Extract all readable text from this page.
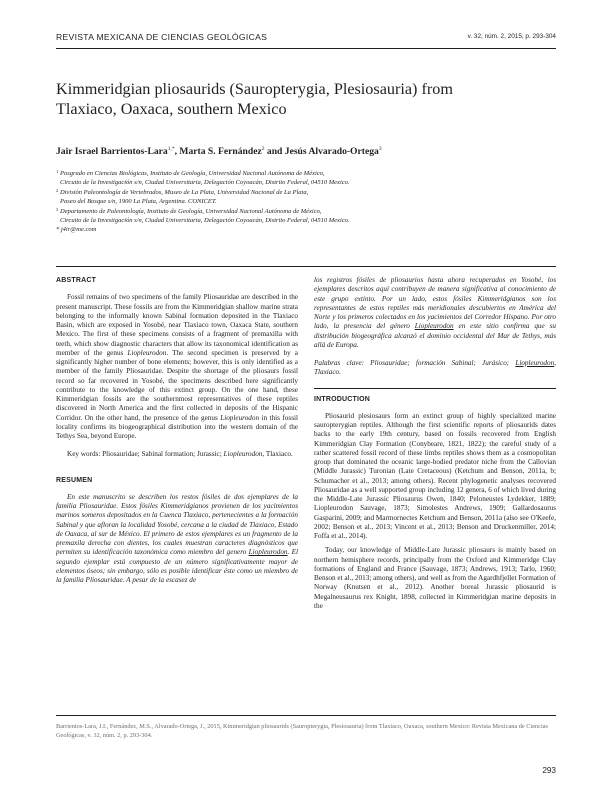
REVISTA MEXICANA DE CIENCIAS GEOLÓGICAS	v. 32, núm. 2, 2015, p. 293-304
Kimmeridgian pliosaurids (Sauropterygia, Plesiosauria) from Tlaxiaco, Oaxaca, southern Mexico
Jair Israel Barrientos-Lara$^{1,*}$, Marta S. Fernández$^2$ and Jesús Alvarado-Ortega$^3$
1 Posgrado en Ciencias Biológicas, Instituto de Geología, Universidad Nacional Autónoma de México,
Circuito de la Investigación s/n, Ciudad Universitaria, Delegación Coyoacán, Distrito Federal, 04510 Mexico.
2 División Paleontología de Vertebrados, Museo de La Plata, Universidad Nacional de La Plata,
Paseo del Bosque s/n, 1900 La Plata, Argentina. CONICET.
3 Departamento de Paleontología, Instituto de Geología, Universidad Nacional Autónoma de México,
Circuito de la Investigación s/n, Ciudad Universitaria, Delegación Coyoacán, Distrito Federal, 04510 Mexico.
* j4ir@me.com
ABSTRACT

Fossil remains of two specimens of the family Pliosauridae are described in the present manuscript. These fossils are from the Kimmeridgian shallow marine strata belonging to the informally known Sabinal formation deposited in the Tlaxiaco Basin, which are exposed in Yosobé, near Tlaxiaco town, Oaxaca State, southern Mexico. The first of these specimens consists of a fragment of premaxilla with teeth, which show diagnostic characters that allow its taxonomical identification as member of the genus Liopleurodon. The second specimen is preserved by a significantly higher number of bone elements; however, this is only identified as a member of the family Pliosauridae. Despite the shortage of the pliosaurs fossil record so far recovered in Yosobé, the specimens described here significantly contribute to the knowledge of this extinct group. On the one hand, these Kimmeridgian fossils are the southernmost representatives of these reptiles discovered in North America and the first collected in deposits of the Hispanic Corridor. On the other hand, the presence of the genus Liopleurodon in this fossil locality confirms its biogeographical distribution into the western domain of the Tethys Sea, beyond Europe.

Key words: Pliosauridae; Sabinal formation; Jurassic; Liopleurodon, Tlaxiaco.

RESUMEN

En este manuscrito se describen los restos fósiles de dos ejemplares de la familia Pliosauridae. Estos fósiles Kimmeridgianos provienen de los yacimientos marinos someros depositados en la Cuenca Tlaxiaco, pertenecientes a la formación Sabinal y que afloran la localidad Yosobé, cercana a la ciudad de Tlaxiaco, Estado de Oaxaca, al sur de México. El primero de estos ejemplares es un fragmento de la premaxila derecha con dientes, los cuales muestran caracteres diagnósticos que permiten su identificación taxonómica como miembro del genero Liopleurodon. El segundo ejemplar está compuesto de un número significativamente mayor de elementos óseos; sin embargo, sólo es posible identificar éste como un miembro de la familia Pliosauridae. A pesar de la escasez de

los registros fósiles de pliosaurios hasta ahora recuperados en Yosobé, los ejemplares descritos aquí contribuyen de manera significativa al conocimiento de este grupo extinto. Por un lado, estos fósiles Kimmeridgianos son los representantes de estos reptiles más meridionales descubiertos en América del Norte y los primeros colectados en los yacimientos del Corredor Hispano. Por otro lado, la presencia del género Liopleurodon en este sitio confirma que su distribución biogeográfica alcanzó el dominio occidental del Mar de Tethys, más allá de Europa.

Palabras clave: Pliosauridae; formación Sabinal; Jurásico; Liopleurodon, Tlaxiaco.

INTRODUCTION

Pliosaurid plesiosaurs form an extinct group of highly specialized marine sauropterygian reptiles. Although the first scientific reports of pliosaurids dates backs to the early 19th century, based on fossils recovered from English Kimmeridgian Clay Formation (Conybeare, 1821, 1822); the careful study of a rather scattered fossil record of these limbs reptiles shows them as a cosmopolitan group that dominated the oceanic large-bodied predator niche from the Callovian (Middle Jurassic) Turonian (Late Cretaceous) (Ketchum and Benson, 2011a, b; Schumacher et al., 2013; among others). Recent phylogenetic analyses recovered Pliosauridae as a well supported group including 12 genera, 6 of which lived during the Middle-Late Jurassic Pliosaurus Owen, 1840; Peloneustes Lydekker, 1889; Liopleurodon Sauvage, 1873; Simolestes Andrews, 1909; Gallardosaurus Gasparini, 2009; and Marmornectes Ketchum and Benson, 2011a (also see O'Keefe, 2002; Benson et al., 2013; Vincent et al., 2013; Benson and Druckenmiller, 2014; Foffa et al., 2014).

Today, our knowledge of Middle-Late Jurassic pliosaurs is mainly based on northern hemisphere records, principally from the Oxford and Kimmeridge Clay formations of England and France (Sauvage, 1873; Andrews, 1913; Tarlo, 1960; Benson et al., 2013; among others), and well as from the Agardhfjellet Formation of Norway (Knutsen et al., 2012). Another boreal Jurassic pliosaurid is Megalneusaurus rex Knight, 1898, collected in Kimmeridgian marine deposits in the

Barrientos-Lara, J.I., Fernández, M.S., Alvarado-Ortega, J., 2015, Kimmeridgian pliosaurids (Sauropterygia, Plesiosauria) from Tlaxiaco, Oaxaca, southern Mexico: Revista Mexicana de Ciencias Geológicas, v. 32, núm. 2, p. 293-304.
293
